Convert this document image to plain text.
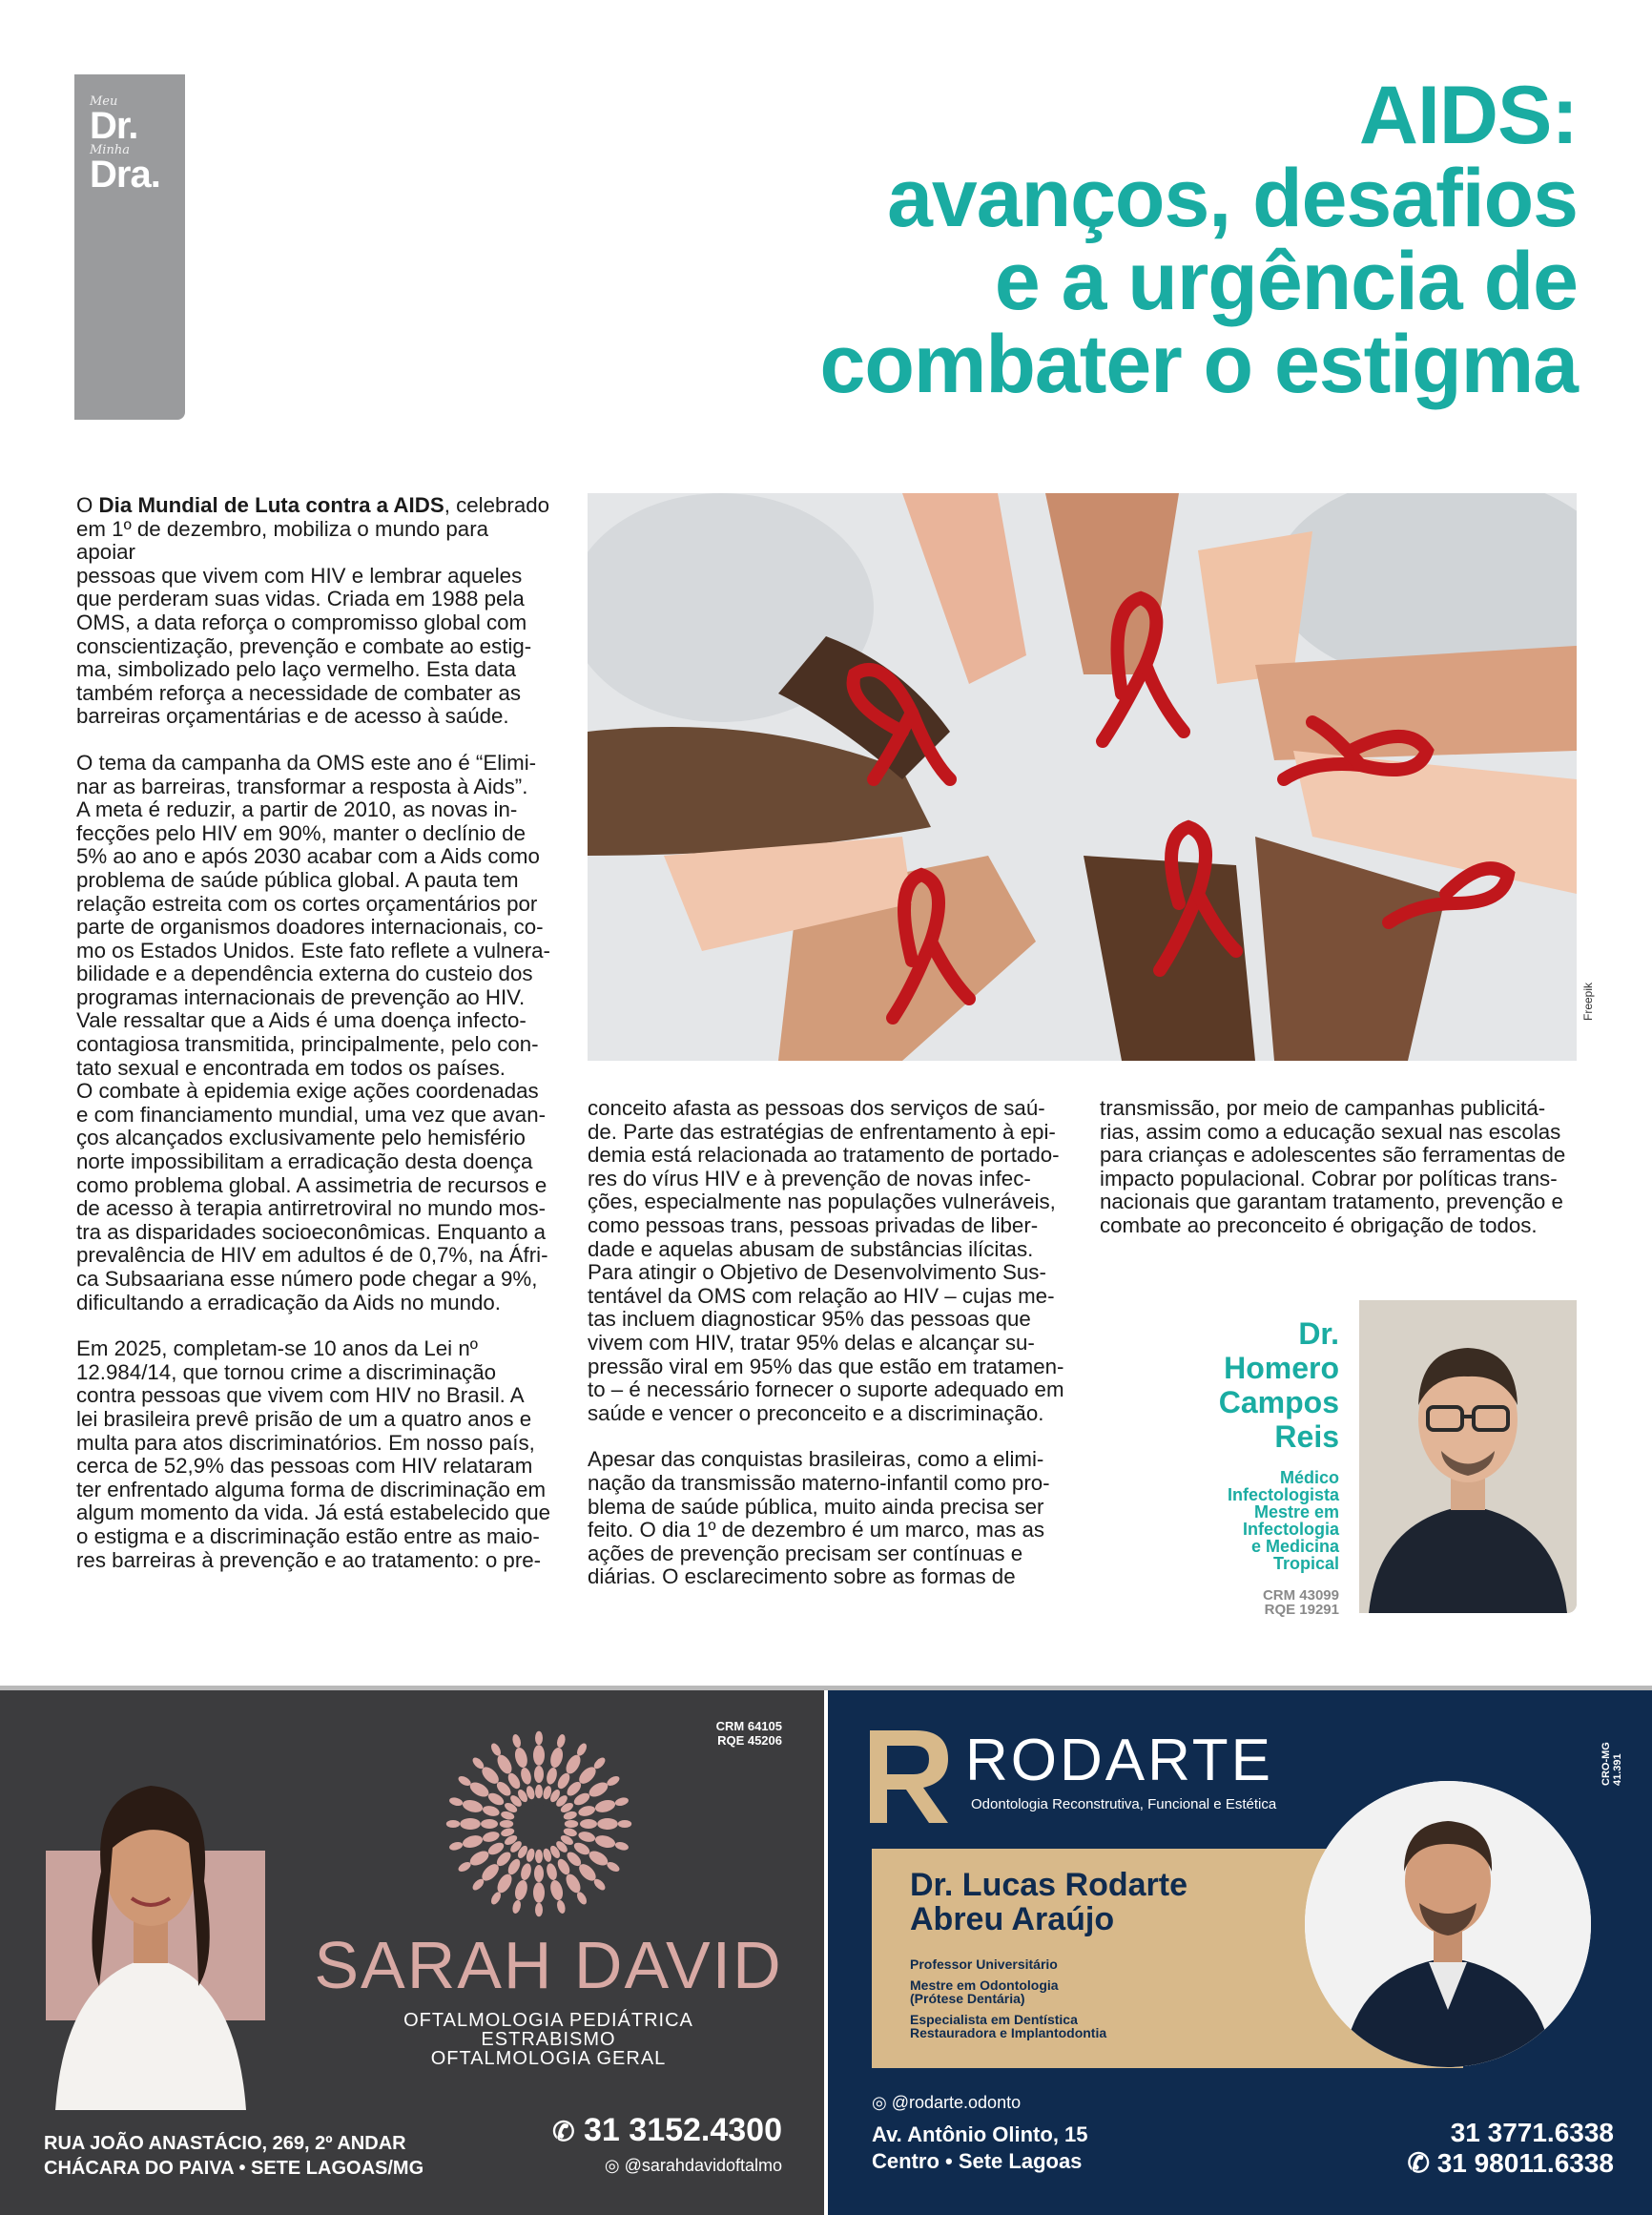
Meu
Dr.
Minha
Dra.
AIDS:
avanços, desafios
e a urgência de
combater o estigma

O Dia Mundial de Luta contra a AIDS, celebrado

em 1º de dezembro, mobiliza o mundo para apoiar
pessoas que vivem com HIV e lembrar aqueles
que perderam suas vidas. Criada em 1988 pela
OMS, a data reforça o compromisso global com
conscientização, prevenção e combate ao estig-
ma, simbolizado pelo laço vermelho. Esta data
também reforça a necessidade de combater as
barreiras orçamentárias e de acesso à saúde.
O tema da campanha da OMS este ano é “Elimi-
nar as barreiras, transformar a resposta à Aids”.
A meta é reduzir, a partir de 2010, as novas in-
fecções pelo HIV em 90%, manter o declínio de
5% ao ano e após 2030 acabar com a Aids como
problema de saúde pública global. A pauta tem
relação estreita com os cortes orçamentários por
parte de organismos doadores internacionais, co-
mo os Estados Unidos. Este fato reflete a vulnera-
bilidade e a dependência externa do custeio dos
programas internacionais de prevenção ao HIV.
Vale ressaltar que a Aids é uma doença infecto-
contagiosa transmitida, principalmente, pelo con-
tato sexual e encontrada em todos os países.
O combate à epidemia exige ações coordenadas
e com financiamento mundial, uma vez que avan-
ços alcançados exclusivamente pelo hemisfério
norte impossibilitam a erradicação desta doença
como problema global. A assimetria de recursos e
de acesso à terapia antirretroviral no mundo mos-
tra as disparidades socioeconômicas. Enquanto a
prevalência de HIV em adultos é de 0,7%, na Áfri-
ca Subsaariana esse número pode chegar a 9%,
dificultando a erradicação da Aids no mundo.
Em 2025, completam-se 10 anos da Lei nº
12.984/14, que tornou crime a discriminação
contra pessoas que vivem com HIV no Brasil. A
lei brasileira prevê prisão de um a quatro anos e
multa para atos discriminatórios. Em nosso país,
cerca de 52,9% das pessoas com HIV relataram
ter enfrentado alguma forma de discriminação em
algum momento da vida. Já está estabelecido que
o estigma e a discriminação estão entre as maio-
res barreiras à prevenção e ao tratamento: o pre-
Freepik
conceito afasta as pessoas dos serviços de saú-
de. Parte das estratégias de enfrentamento à epi-
demia está relacionada ao tratamento de portado-
res do vírus HIV e à prevenção de novas infec-
ções, especialmente nas populações vulneráveis,
como pessoas trans, pessoas privadas de liber-
dade e aquelas abusam de substâncias ilícitas.
Para atingir o Objetivo de Desenvolvimento Sus-
tentável da OMS com relação ao HIV – cujas me-
tas incluem diagnosticar 95% das pessoas que
vivem com HIV, tratar 95% delas e alcançar su-
pressão viral em 95% das que estão em tratamen-
to – é necessário fornecer o suporte adequado em
saúde e vencer o preconceito e a discriminação.
Apesar das conquistas brasileiras, como a elimi-
nação da transmissão materno-infantil como pro-
blema de saúde pública, muito ainda precisa ser
feito. O dia 1º de dezembro é um marco, mas as
ações de prevenção precisam ser contínuas e
diárias. O esclarecimento sobre as formas de
transmissão, por meio de campanhas publicitá-
rias, assim como a educação sexual nas escolas
para crianças e adolescentes são ferramentas de
impacto populacional. Cobrar por políticas trans-
nacionais que garantam tratamento, prevenção e
combate ao preconceito é obrigação de todos.
Dr.
Homero
Campos
Reis
Médico
Infectologista
Mestre em
Infectologia
e Medicina
Tropical
CRM 43099
RQE 19291
CRM 64105
RQE 45206
SARAH DAVID
OFTALMOLOGIA PEDIÁTRICA
ESTRABISMO
OFTALMOLOGIA GERAL
RUA JOÃO ANASTÁCIO, 269, 2º ANDAR
CHÁCARA DO PAIVA • SETE LAGOAS/MG
✆ 31 3152.4300
◎ @sarahdavidoftalmo
RODARTE
Odontologia Reconstrutiva, Funcional e Estética
CRO-MG 41.391
Dr. Lucas Rodarte
Abreu Araújo
Professor Universitário
Mestre em Odontologia
(Prótese Dentária)
Especialista em Dentística
Restauradora e Implantodontia
◎ @rodarte.odonto
Av. Antônio Olinto, 15
Centro • Sete Lagoas
31 3771.6338
✆ 31 98011.6338
